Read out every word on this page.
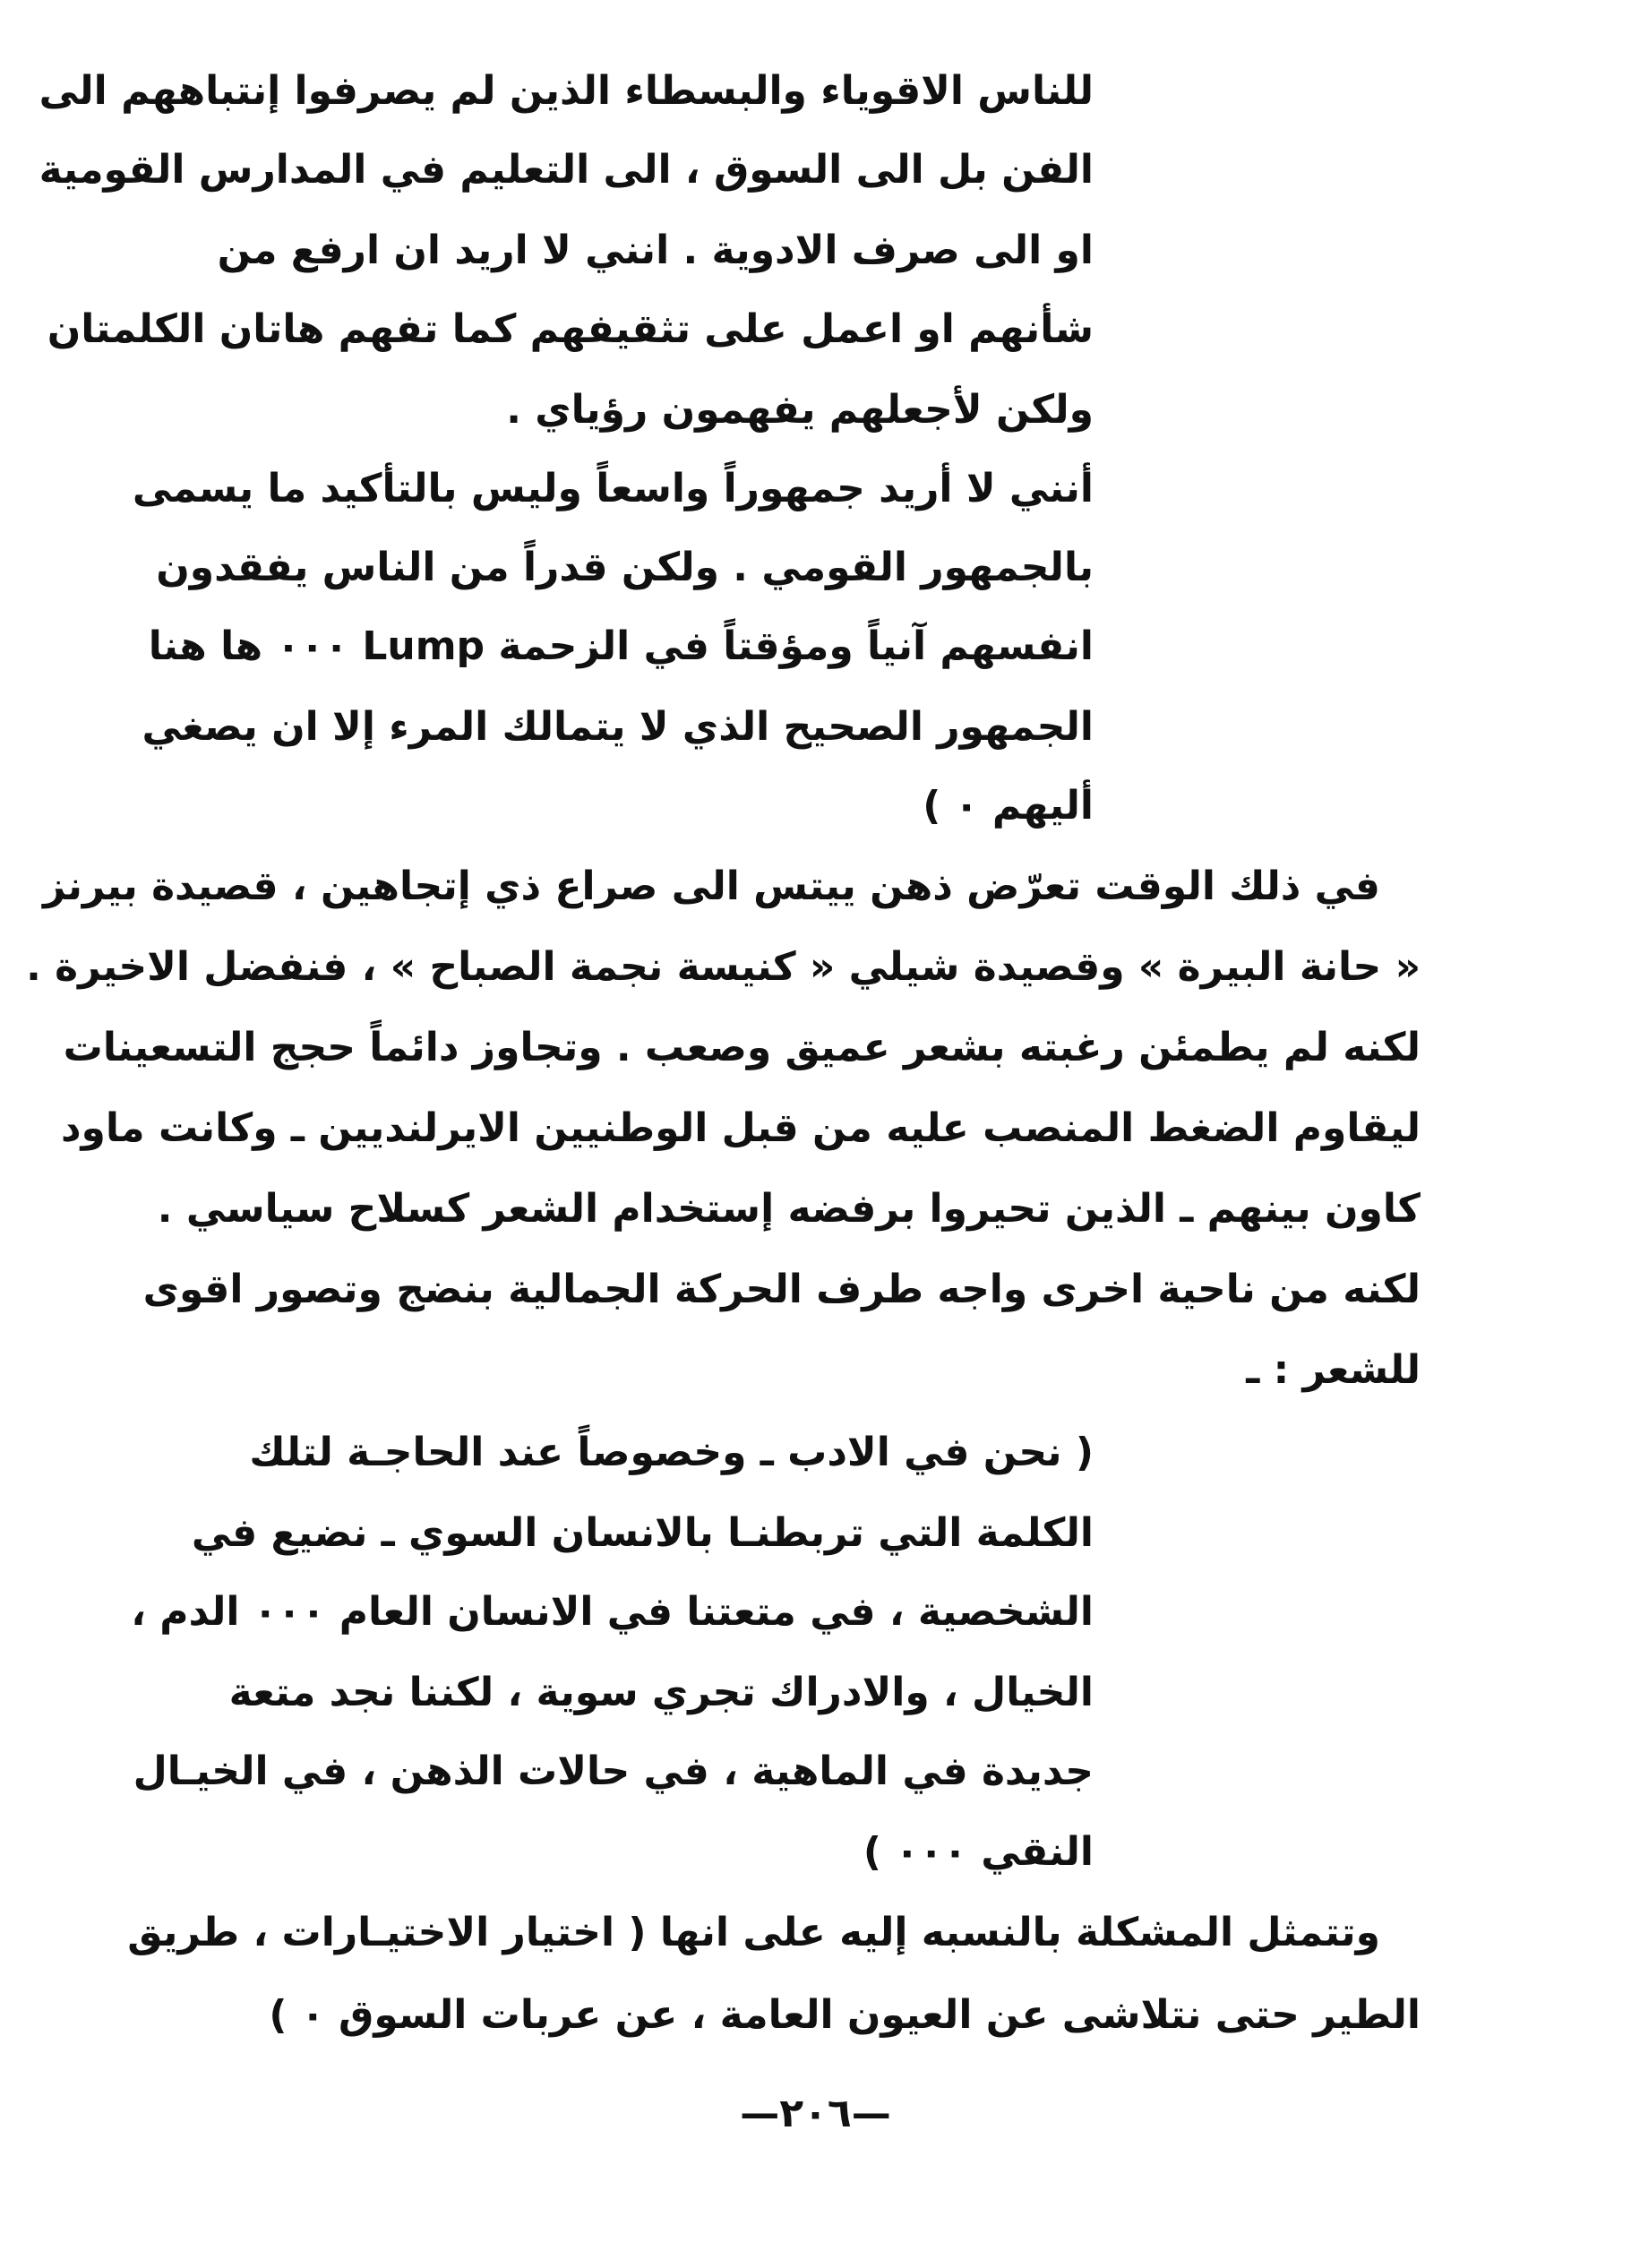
للناس الاقوياء والبسطاء الذين لم يصرفوا إنتباههم الى
الفن بل الى السوق ، الى التعليم في المدارس القومية
او الى صرف الادوية . انني لا اريد ان ارفع من
شأنهم او اعمل على تثقيفهم كما تفهم هاتان الكلمتان
ولكن لأجعلهم يفهمون رؤياي .
أنني لا أريد جمهوراً واسعاً وليس بالتأكيد ما يسمى
بالجمهور القومي . ولكن قدراً من الناس يفقدون
انفسهم آنياً ومؤقتاً في الزحمة Lump ٠٠٠ ها هنا
الجمهور الصحيح الذي لا يتمالك المرء إلا ان يصغي
أليهم ٠ )
في ذلك الوقت تعرّض ذهن ييتس الى صراع ذي إتجاهين ، قصيدة بيرنز
« حانة البيرة » وقصيدة شيلي « كنيسة نجمة الصباح » ، فنفضل الاخيرة .
لكنه لم يطمئن رغبته بشعر عميق وصعب . وتجاوز دائماً حجج التسعينات
ليقاوم الضغط المنصب عليه من قبل الوطنيين الايرلنديين ـ وكانت ماود
كاون بينهم ـ الذين تحيروا برفضه إستخدام الشعر كسلاح سياسي .
لكنه من ناحية اخرى واجه طرف الحركة الجمالية بنضج وتصور اقوى
للشعر : ـ
( نحن في الادب ـ وخصوصاً عند الحاجـة لتلك
الكلمة التي تربطنـا بالانسان السوي ـ نضيع في
الشخصية ، في متعتنا في الانسان العام ٠٠٠ الدم ،
الخيال ، والادراك تجري سوية ، لكننا نجد متعة
جديدة في الماهية ، في حالات الذهن ، في الخيـال
النقي ٠٠٠ )
وتتمثل المشكلة بالنسبه إليه على انها ( اختيار الاختيـارات ، طريق
الطير حتى نتلاشى عن العيون العامة ، عن عربات السوق ٠ )
—٢٠٦—
